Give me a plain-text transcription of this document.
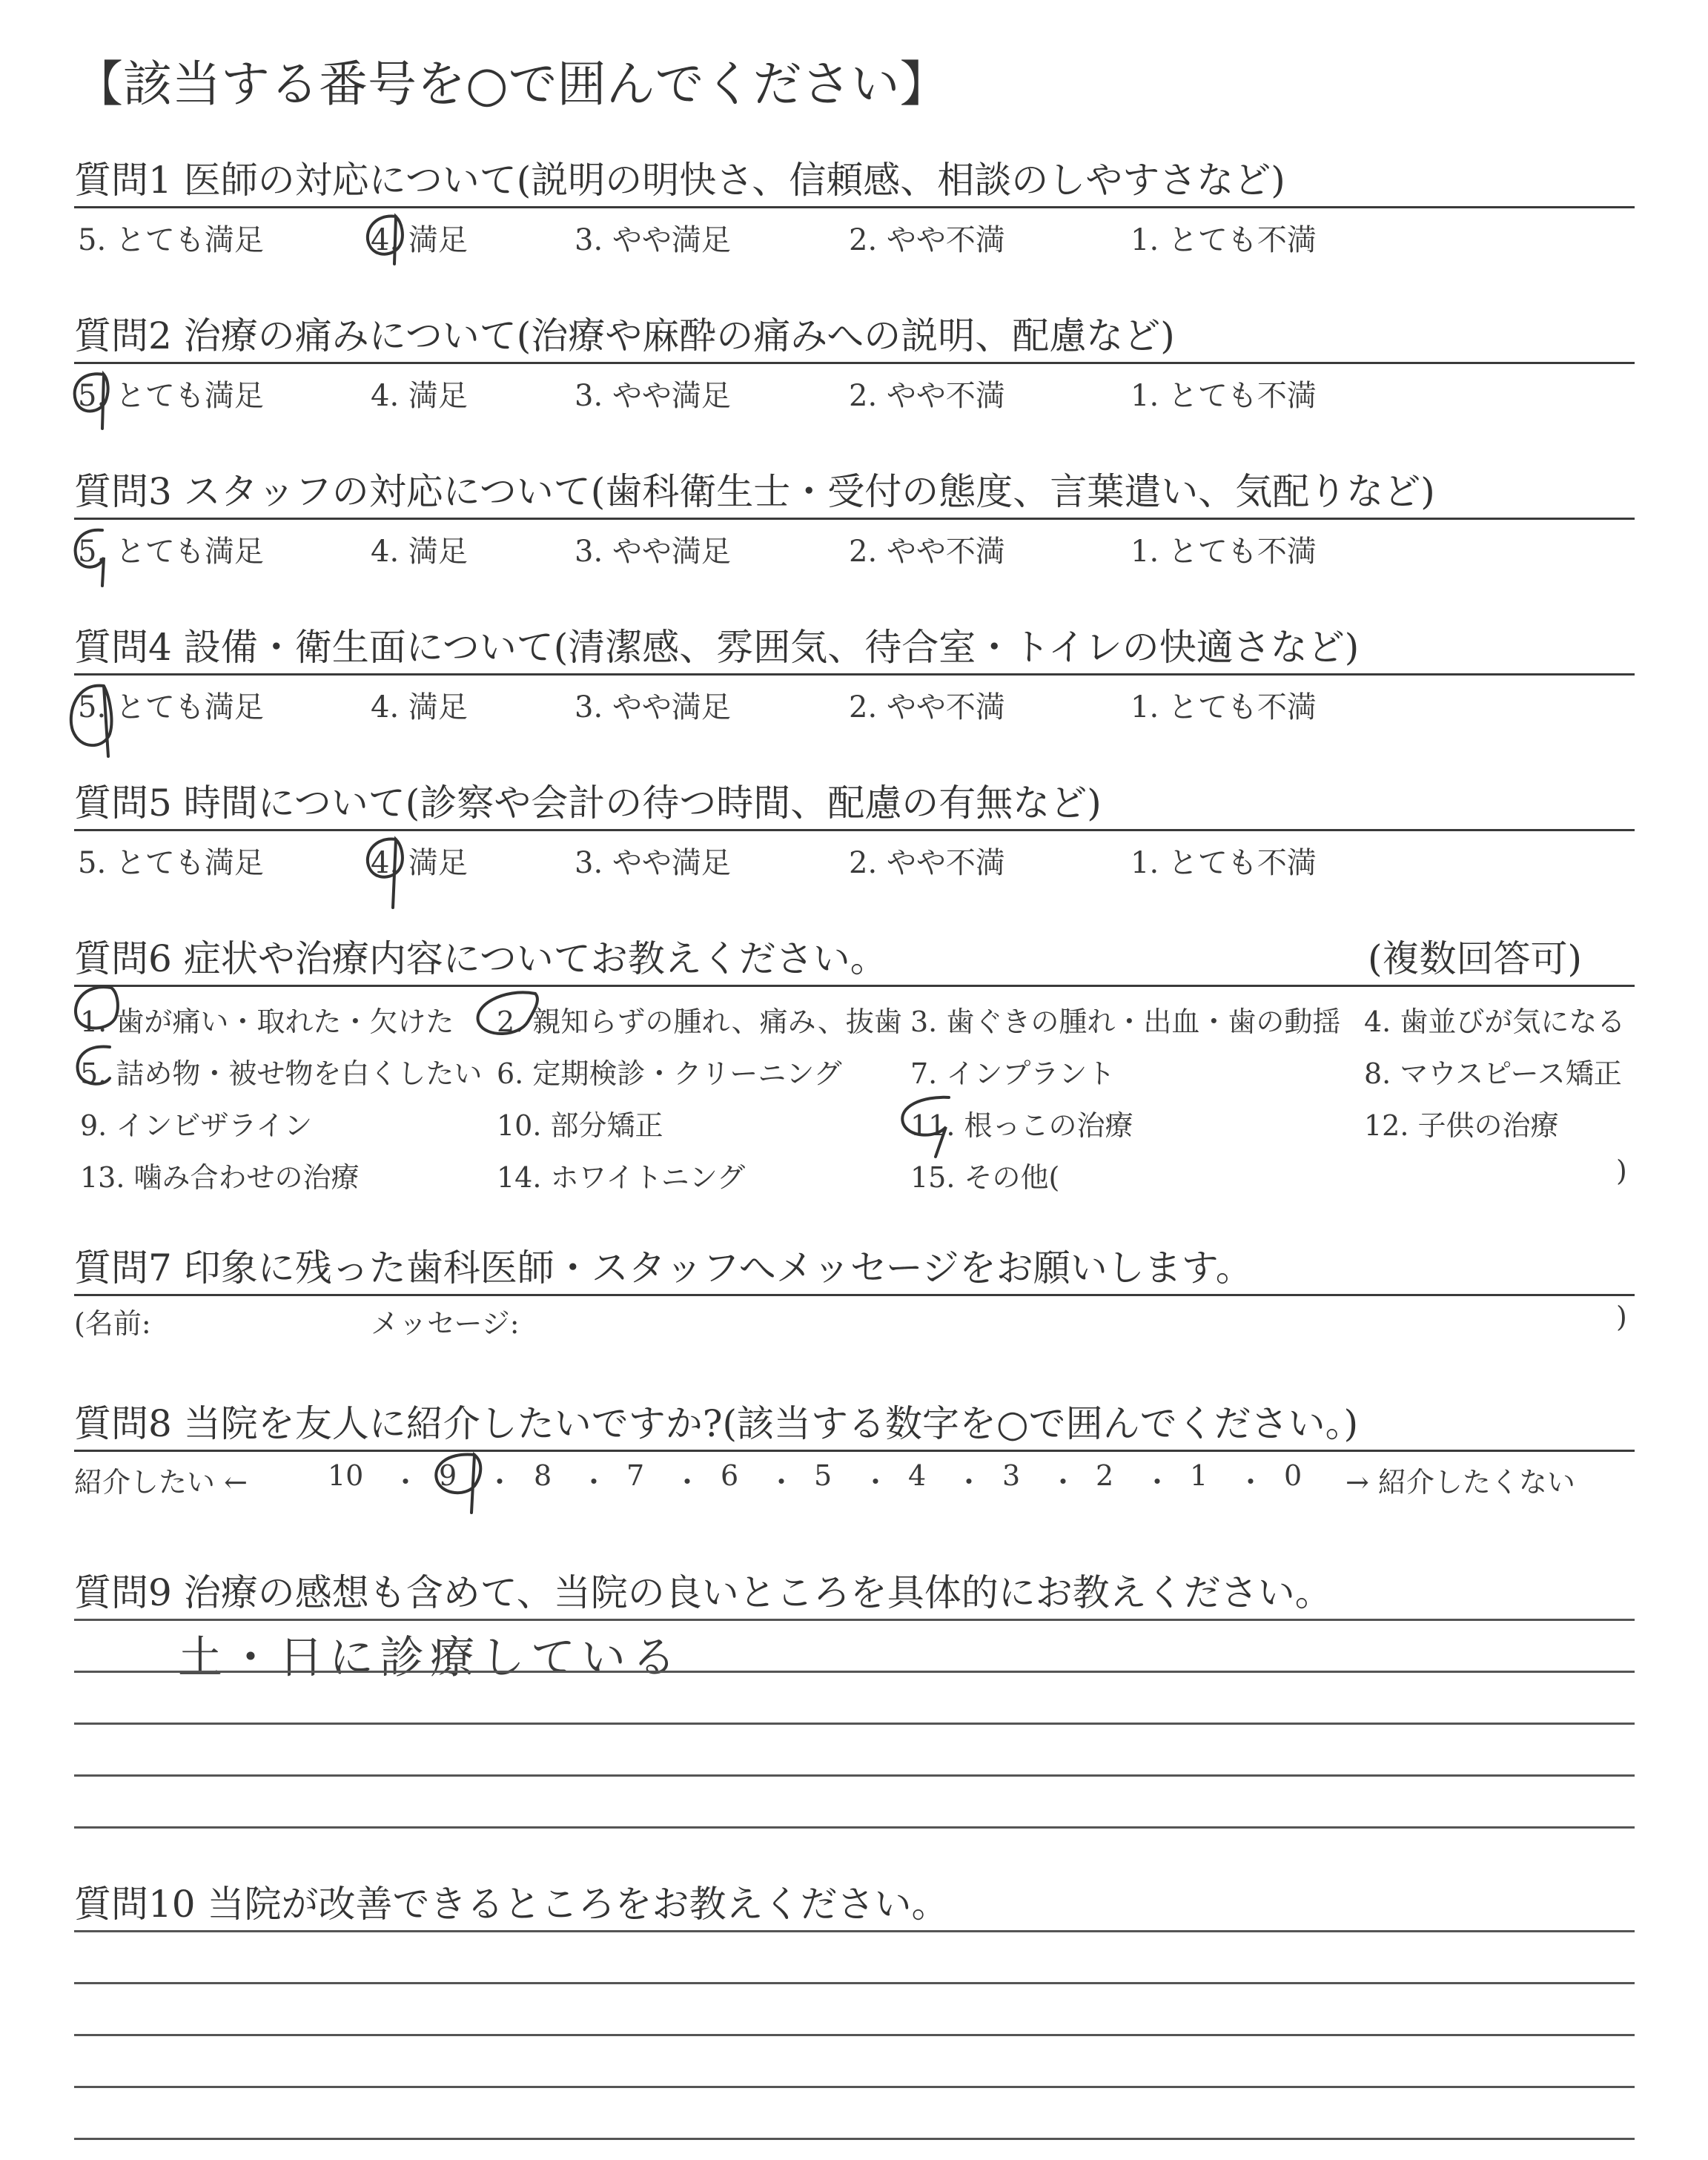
【該当する番号を○で囲んでください】
質問1 医師の対応について(説明の明快さ、信頼感、相談のしやすさなど)
5. とても満足	4. 満足	3. やや満足	2. やや不満	1. とても不満
質問2 治療の痛みについて(治療や麻酔の痛みへの説明、配慮など)
5. とても満足	4. 満足	3. やや満足	2. やや不満	1. とても不満
質問3 スタッフの対応について(歯科衛生士・受付の態度、言葉遣い、気配りなど)
5. とても満足	4. 満足	3. やや満足	2. やや不満	1. とても不満
質問4 設備・衛生面について(清潔感、雰囲気、待合室・トイレの快適さなど)
5. とても満足	4. 満足	3. やや満足	2. やや不満	1. とても不満
質問5 時間について(診察や会計の待つ時間、配慮の有無など)
5. とても満足	4. 満足	3. やや満足	2. やや不満	1. とても不満
質問6 症状や治療内容についてお教えください。	(複数回答可)
1. 歯が痛い・取れた・欠けた 2. 親知らずの腫れ、痛み、抜歯 3. 歯ぐきの腫れ・出血・歯の動揺 4. 歯並びが気になる
5. 詰め物・被せ物を白くしたい 6. 定期検診・クリーニング 7. インプラント	8. マウスピース矯正
9. インビザライン	10. 部分矯正	11. 根っこの治療	12. 子供の治療
13. 噛み合わせの治療	14. ホワイトニング	15. その他(	)
質問7 印象に残った歯科医師・スタッフへメッセージをお願いします。
(名前:	メッセージ:	)
質問8 当院を友人に紹介したいですか?(該当する数字を○で囲んでください。)
紹介したい ←	→ 紹介したくない
10 ・ 9 ・ 8 ・ 7 ・ 6 ・ 5 ・ 4 ・ 3 ・ 2 ・ 1 ・ 0
質問9 治療の感想も含めて、当院の良いところを具体的にお教えください。
土・日に診療している
質問10 当院が改善できるところをお教えください。
